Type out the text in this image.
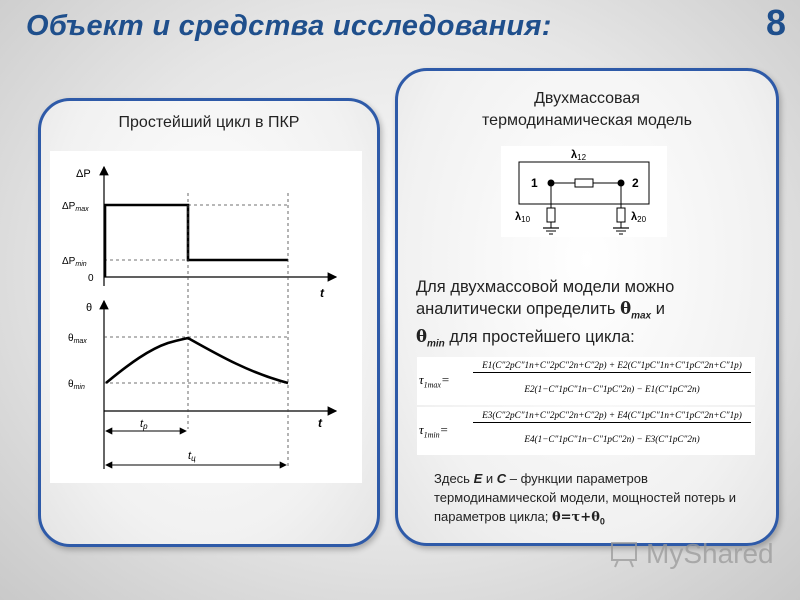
Объект и средства исследования:	8
Простейший цикл в ПКР
ΔP
$\Delta P_{max}$
$\Delta P_{min}$
0
t
θ
$\theta_{max}$
$\theta_{min}$
t
tр
tц
Двухмассовая
термодинамическая модель
λ12
1	2
λ10	λ20
Для двухмассовой модели можно аналитически определить $\theta_{max}$ и
$\theta_{min}$ для простейшего цикла:
$\tau_{1max}=$
E1(C″2pC″1п+C″2pC″2п+C″2p) + E2(C″1pC″1п+C″1pC″2п+C″1p)
E2(1−C″1pC″1п−C″1pC″2п) − E1(C″1pC″2п)
$\tau_{1min}=$
E3(C″2pC″1п+C″2pC″2п+C″2p) + E4(C″1pC″1п+C″1pC″2п+C″1p)
E4(1−C″1pC″1п−C″1pC″2п) − E3(C″1pC″2п)
Здесь E и C – функции параметров термодинамической модели, мощностей потерь и параметров цикла; $\theta=\tau+\theta_0$
MyShared
